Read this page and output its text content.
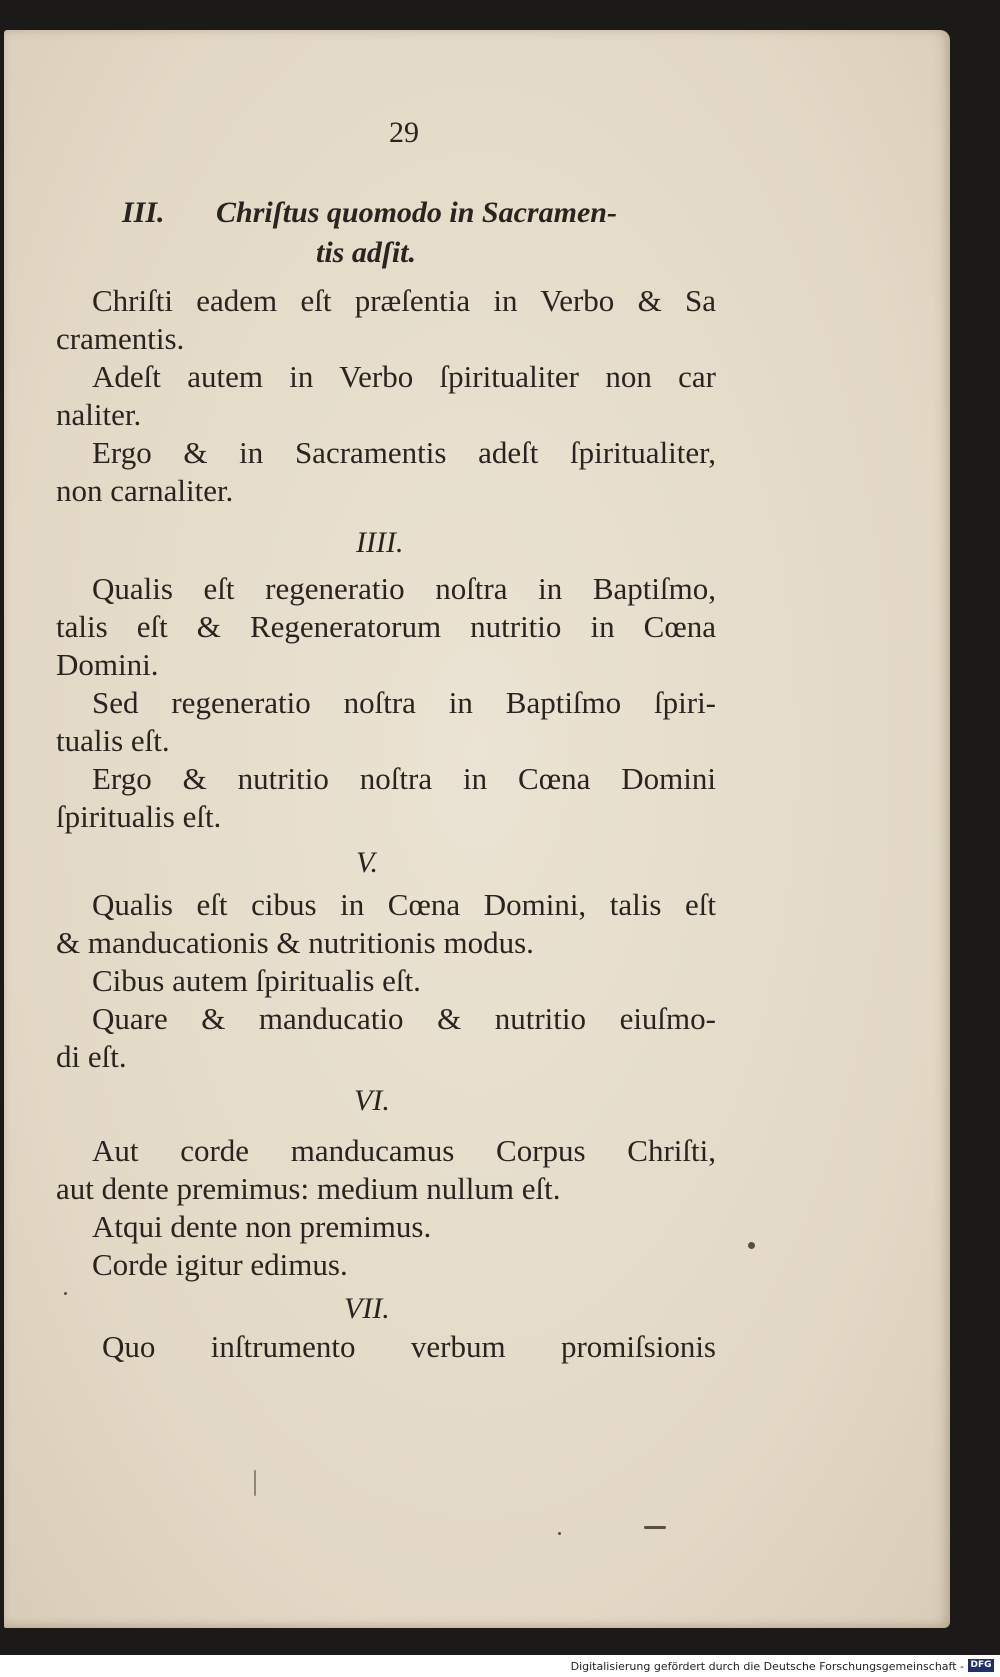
29
III. Chriſtus quomodo in Sacramen-
tis adſit.
Chriſti eadem eſt præſentia in Verbo & Sa
cramentis.
Adeſt autem in Verbo ſpiritualiter non car
naliter.
Ergo & in Sacramentis adeſt ſpiritualiter,
non carnaliter.
IIII.
Qualis eſt regeneratio noſtra in Baptiſmo,
talis eſt & Regeneratorum nutritio in Cœna
Domini.
Sed regeneratio noſtra in Baptiſmo ſpiri-
tualis eſt.
Ergo & nutritio noſtra in Cœna Domini
ſpiritualis eſt.
V.
Qualis eſt cibus in Cœna Domini, talis eſt
& manducationis & nutritionis modus.
Cibus autem ſpiritualis eſt.
Quare & manducatio & nutritio eiuſmo-
di eſt.
VI.
Aut corde manducamus Corpus Chriſti,
aut dente premimus: medium nullum eſt.
Atqui dente non premimus.
Corde igitur edimus.
VII.
Quo inſtrumento verbum promiſsionis
Digitalisierung gefördert durch die Deutsche Forschungsgemeinschaft - DFG
